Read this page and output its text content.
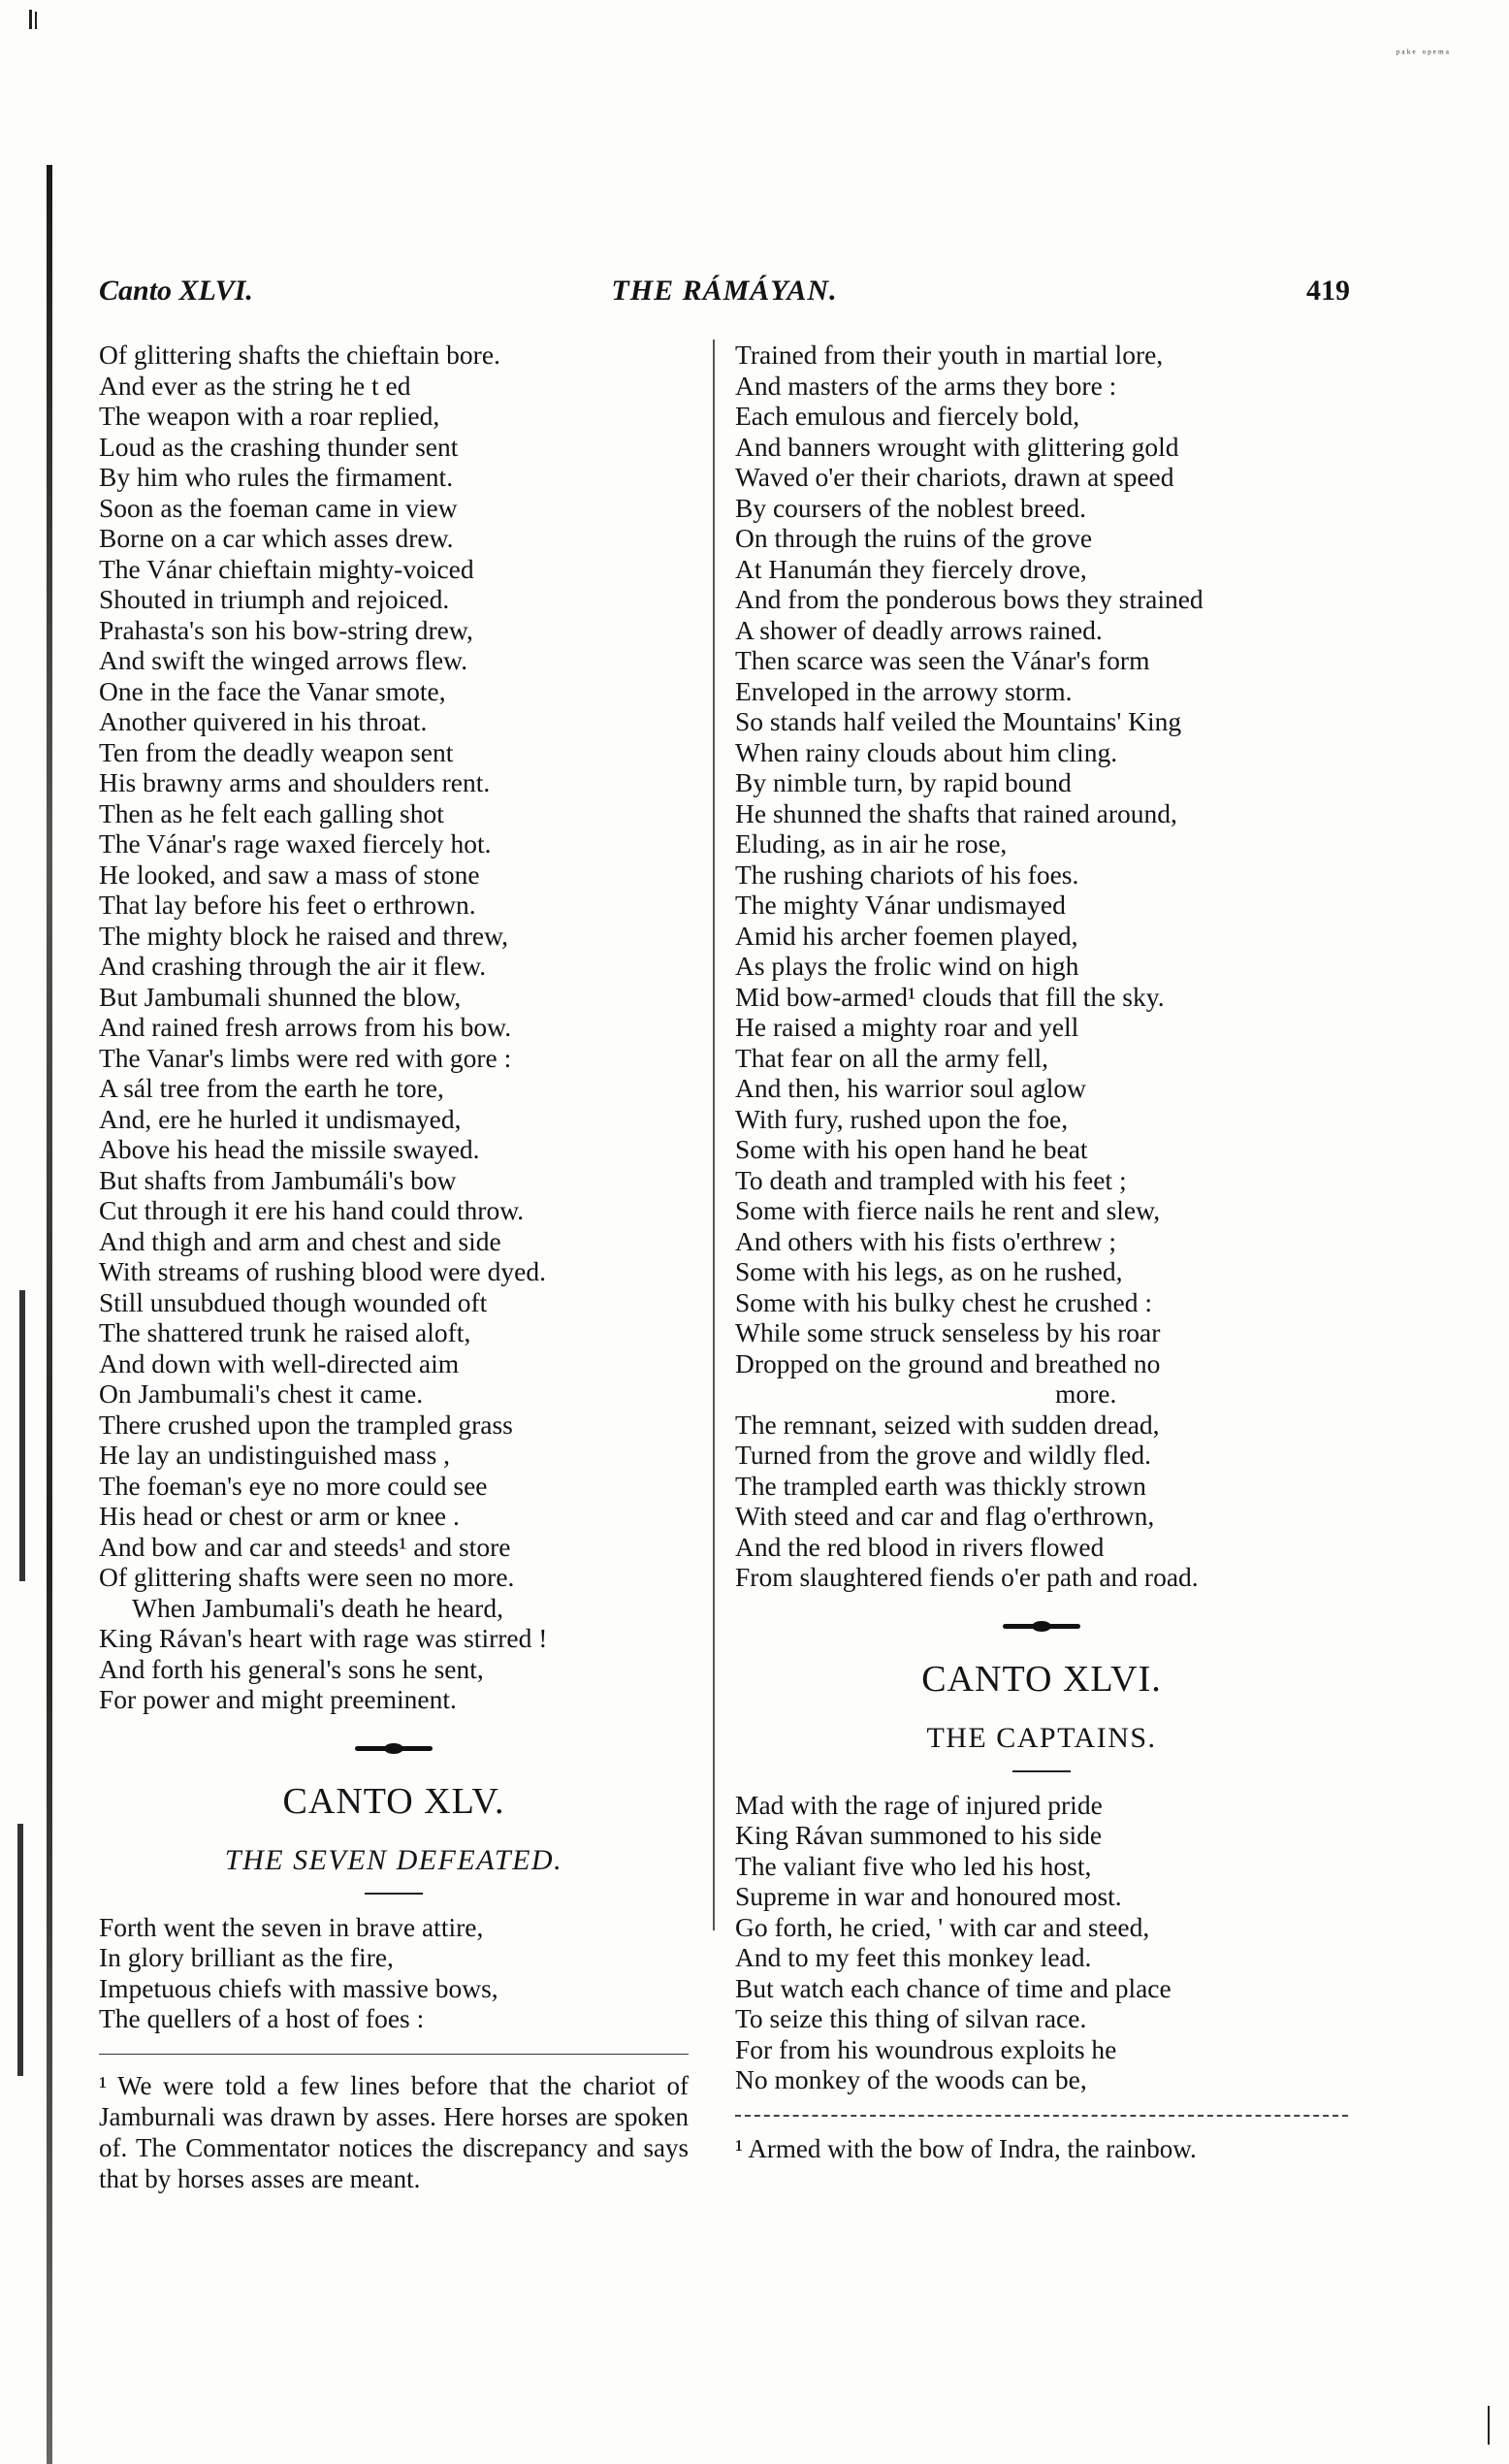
ᵖᵃᵏᵉ ᵒᵖᵉᵐᵃ
Canto XLVI.	THE RÁMÁYAN.	419
Of glittering shafts the chieftain bore.
And ever as the string he t ed
The weapon with a roar replied,
Loud as the crashing thunder sent
By him who rules the firmament.
Soon as the foeman came in view
Borne on a car which asses drew.
The Vánar chieftain mighty-voiced
Shouted in triumph and rejoiced.
Prahasta's son his bow-string drew,
And swift the winged arrows flew.
One in the face the Vanar smote,
Another quivered in his throat.
Ten from the deadly weapon sent
His brawny arms and shoulders rent.
Then as he felt each galling shot
The Vánar's rage waxed fiercely hot.
He looked, and saw a mass of stone
That lay before his feet o erthrown.
The mighty block he raised and threw,
And crashing through the air it flew.
But Jambumali shunned the blow,
And rained fresh arrows from his bow.
The Vanar's limbs were red with gore :
A sál tree from the earth he tore,
And, ere he hurled it undismayed,
Above his head the missile swayed.
But shafts from Jambumáli's bow
Cut through it ere his hand could throw.
And thigh and arm and chest and side
With streams of rushing blood were dyed.
Still unsubdued though wounded oft
The shattered trunk he raised aloft,
And down with well-directed aim
On Jambumali's chest it came.
There crushed upon the trampled grass
He lay an undistinguished mass ,
The foeman's eye no more could see
His head or chest or arm or knee .
And bow and car and steeds¹ and store
Of glittering shafts were seen no more.
When Jambumali's death he heard,
King Rávan's heart with rage was stirred !
And forth his general's sons he sent,
For power and might preeminent.
CANTO XLV.
THE SEVEN DEFEATED.
Forth went the seven in brave attire,
In glory brilliant as the fire,
Impetuous chiefs with massive bows,
The quellers of a host of foes :
¹ We were told a few lines before that the chariot of Jamburnali was drawn by asses. Here horses are spoken of. The Commentator notices the discrepancy and says that by horses asses are meant.
Trained from their youth in martial lore,
And masters of the arms they bore :
Each emulous and fiercely bold,
And banners wrought with glittering gold
Waved o'er their chariots, drawn at speed
By coursers of the noblest breed.
On through the ruins of the grove
At Hanumán they fiercely drove,
And from the ponderous bows they strained
A shower of deadly arrows rained.
Then scarce was seen the Vánar's form
Enveloped in the arrowy storm.
So stands half veiled the Mountains' King
When rainy clouds about him cling.
By nimble turn, by rapid bound
He shunned the shafts that rained around,
Eluding, as in air he rose,
The rushing chariots of his foes.
The mighty Vánar undismayed
Amid his archer foemen played,
As plays the frolic wind on high
Mid bow-armed¹ clouds that fill the sky.
He raised a mighty roar and yell
That fear on all the army fell,
And then, his warrior soul aglow
With fury, rushed upon the foe,
Some with his open hand he beat
To death and trampled with his feet ;
Some with fierce nails he rent and slew,
And others with his fists o'erthrew ;
Some with his legs, as on he rushed,
Some with his bulky chest he crushed :
While some struck senseless by his roar
Dropped on the ground and breathed no
more.
The remnant, seized with sudden dread,
Turned from the grove and wildly fled.
The trampled earth was thickly strown
With steed and car and flag o'erthrown,
And the red blood in rivers flowed
From slaughtered fiends o'er path and road.
CANTO XLVI.
THE CAPTAINS.
Mad with the rage of injured pride
King Rávan summoned to his side
The valiant five who led his host,
Supreme in war and honoured most.
Go forth, he cried, ' with car and steed,
And to my feet this monkey lead.
But watch each chance of time and place
To seize this thing of silvan race.
For from his woundrous exploits he
No monkey of the woods can be,
¹ Armed with the bow of Indra, the rainbow.
